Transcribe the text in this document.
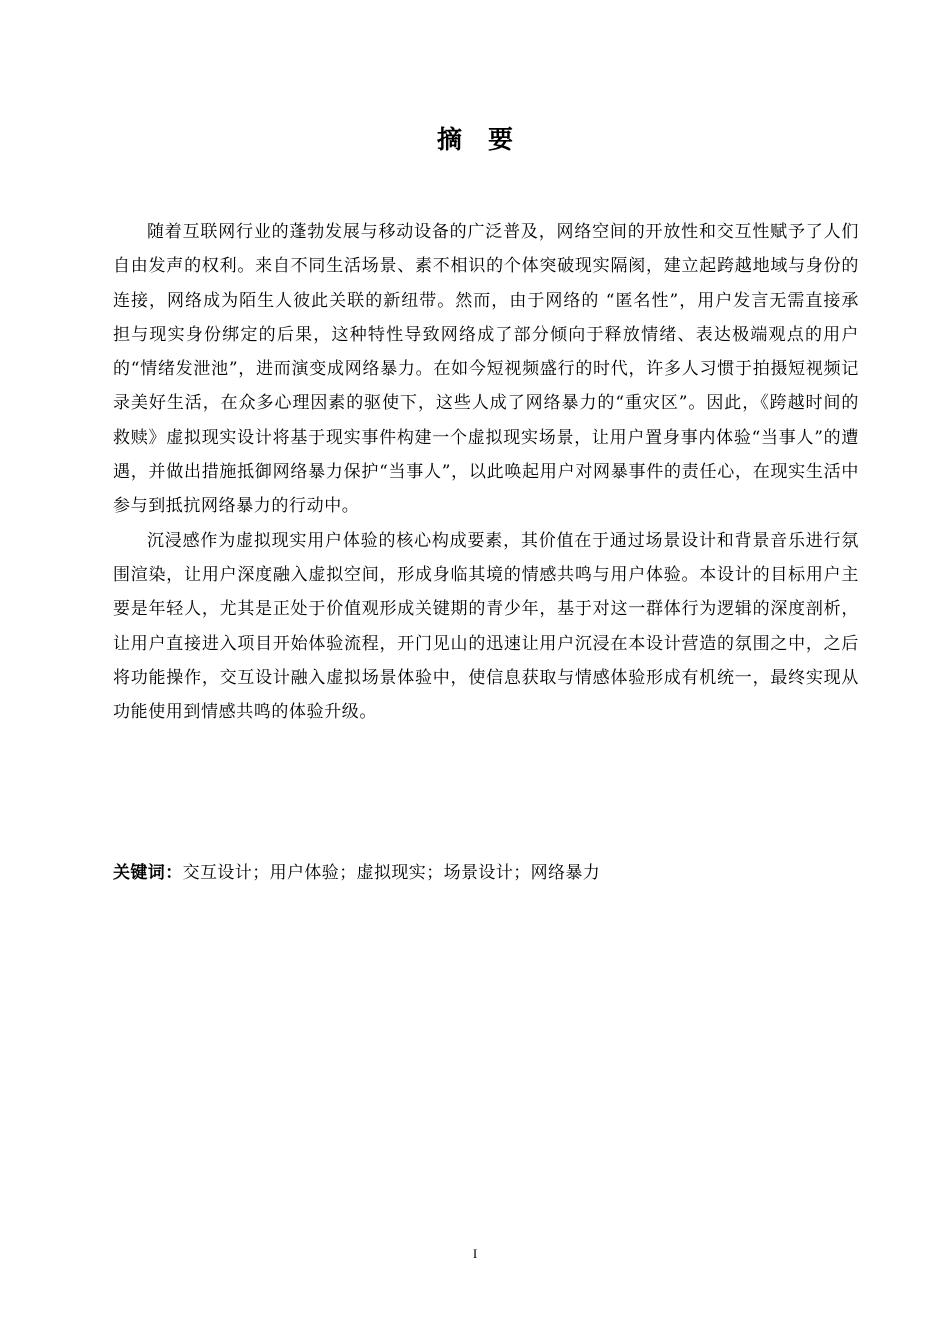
摘 要

随着互联网行业的蓬勃发展与移动设备的广泛普及，网络空间的开放性和交互性赋予了人们自由发声的权利。来自不同生活场景、素不相识的个体突破现实隔阂，建立起跨越地域与身份的连接，网络成为陌生人彼此关联的新纽带。然而，由于网络的 “匿名性”，用户发言无需直接承担与现实身份绑定的后果，这种特性导致网络成了部分倾向于释放情绪、表达极端观点的用户的“情绪发泄池”，进而演变成网络暴力。在如今短视频盛行的时代，许多人习惯于拍摄短视频记录美好生活，在众多心理因素的驱使下，这些人成了网络暴力的“重灾区”。因此，《跨越时间的救赎》虚拟现实设计将基于现实事件构建一个虚拟现实场景，让用户置身事内体验“当事人”的遭遇，并做出措施抵御网络暴力保护“当事人”，以此唤起用户对网暴事件的责任心，在现实生活中参与到抵抗网络暴力的行动中。

沉浸感作为虚拟现实用户体验的核心构成要素，其价值在于通过场景设计和背景音乐进行氛围渲染，让用户深度融入虚拟空间，形成身临其境的情感共鸣与用户体验。本设计的目标用户主要是年轻人，尤其是正处于价值观形成关键期的青少年，基于对这一群体行为逻辑的深度剖析，让用户直接进入项目开始体验流程，开门见山的迅速让用户沉浸在本设计营造的氛围之中，之后将功能操作，交互设计融入虚拟场景体验中，使信息获取与情感体验形成有机统一，最终实现从功能使用到情感共鸣的体验升级。

关键词：交互设计；用户体验；虚拟现实；场景设计；网络暴力
I
